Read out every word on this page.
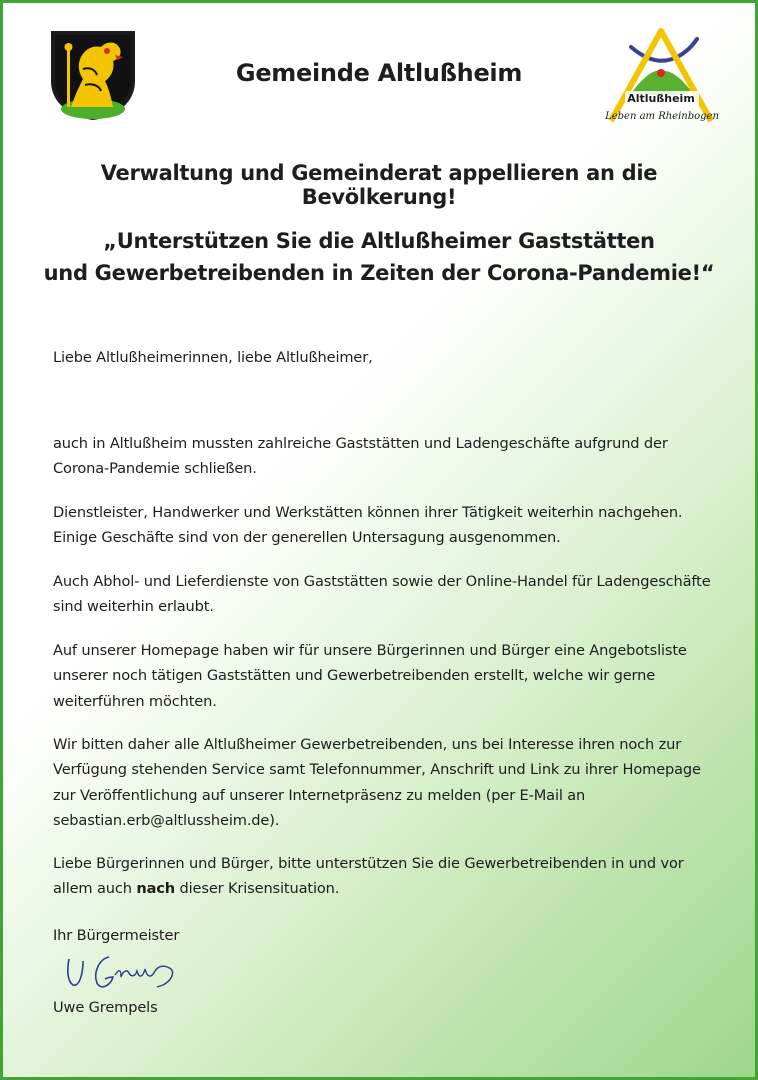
Gemeinde Altlußheim
Altlußheim
Leben am Rheinbogen
Verwaltung und Gemeinderat appellieren an die Bevölkerung!
„Unterstützen Sie die Altlußheimer Gaststätten
und Gewerbetreibenden in Zeiten der Corona-Pandemie!“
Liebe Altlußheimerinnen, liebe Altlußheimer,

auch in Altlußheim mussten zahlreiche Gaststätten und Ladengeschäfte aufgrund der Corona-Pandemie schließen.

Dienstleister, Handwerker und Werkstätten können ihrer Tätigkeit weiterhin nachgehen. Einige Geschäfte sind von der generellen Untersagung ausgenommen.

Auch Abhol- und Lieferdienste von Gaststätten sowie der Online-Handel für Ladengeschäfte sind weiterhin erlaubt.

Auf unserer Homepage haben wir für unsere Bürgerinnen und Bürger eine Angebotsliste unserer noch tätigen Gaststätten und Gewerbetreibenden erstellt, welche wir gerne weiterführen möchten.

Wir bitten daher alle Altlußheimer Gewerbetreibenden, uns bei Interesse ihren noch zur Verfügung stehenden Service samt Telefonnummer, Anschrift und Link zu ihrer Homepage zur Veröffentlichung auf unserer Internetpräsenz zu melden (per E-Mail an sebastian.erb@altlussheim.de).

Liebe Bürgerinnen und Bürger, bitte unterstützen Sie die Gewerbetreibenden in und vor allem auch nach dieser Krisensituation.

Ihr Bürgermeister
Uwe Grempels
